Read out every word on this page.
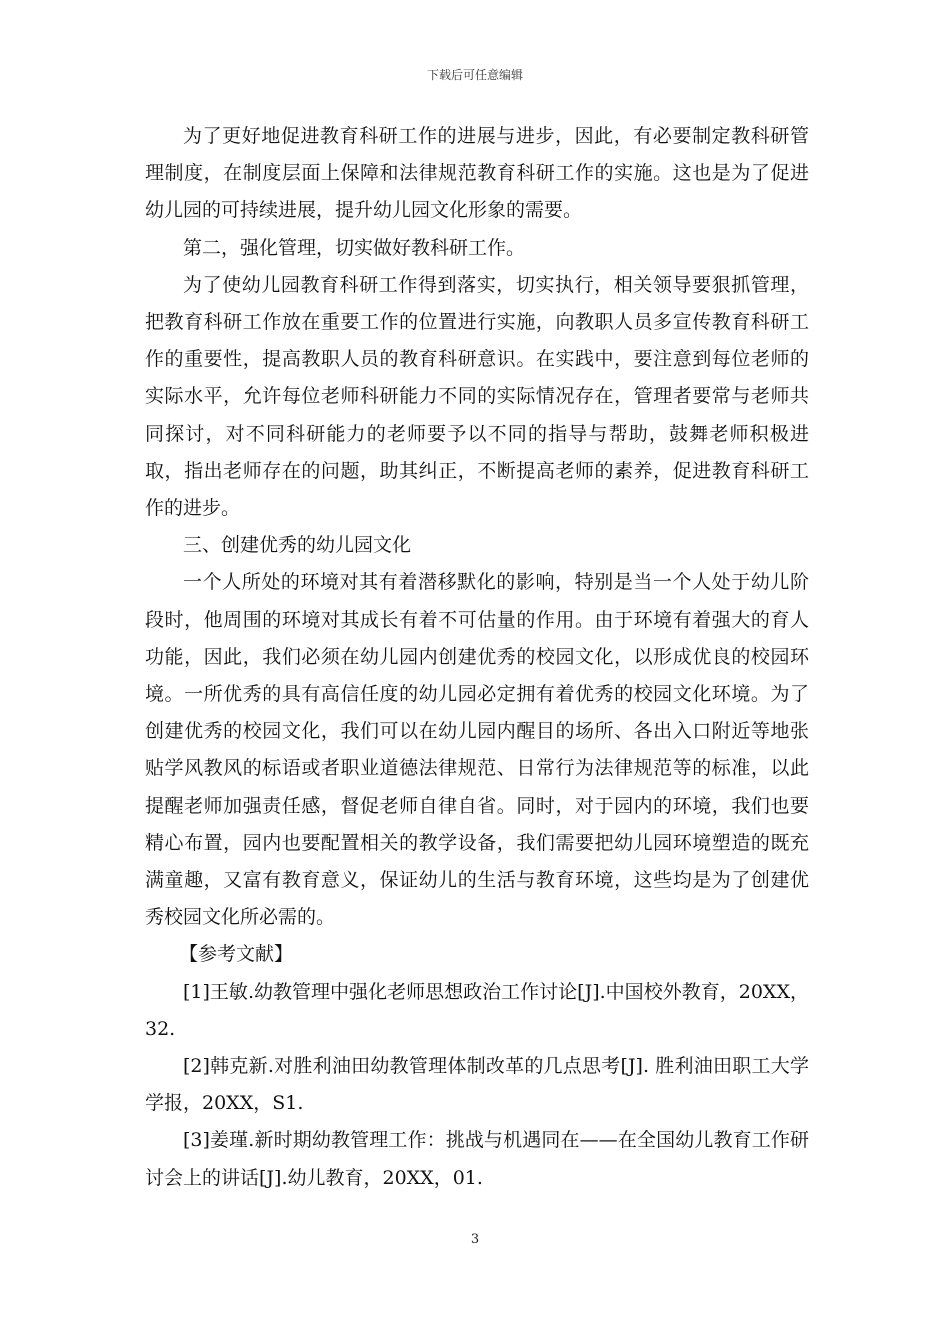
下载后可任意编辑

为了更好地促进教育科研工作的进展与进步，因此，有必要制定教科研管理制度，在制度层面上保障和法律规范教育科研工作的实施。这也是为了促进幼儿园的可持续进展，提升幼儿园文化形象的需要。

第二，强化管理，切实做好教科研工作。

为了使幼儿园教育科研工作得到落实，切实执行，相关领导要狠抓管理，把教育科研工作放在重要工作的位置进行实施，向教职人员多宣传教育科研工作的重要性，提高教职人员的教育科研意识。在实践中，要注意到每位老师的实际水平，允许每位老师科研能力不同的实际情况存在，管理者要常与老师共同探讨，对不同科研能力的老师要予以不同的指导与帮助，鼓舞老师积极进取，指出老师存在的问题，助其纠正，不断提高老师的素养，促进教育科研工作的进步。

三、创建优秀的幼儿园文化

一个人所处的环境对其有着潜移默化的影响，特别是当一个人处于幼儿阶段时，他周围的环境对其成长有着不可估量的作用。由于环境有着强大的育人功能，因此，我们必须在幼儿园内创建优秀的校园文化，以形成优良的校园环境。一所优秀的具有高信任度的幼儿园必定拥有着优秀的校园文化环境。为了创建优秀的校园文化，我们可以在幼儿园内醒目的场所、各出入口附近等地张贴学风教风的标语或者职业道德法律规范、日常行为法律规范等的标准，以此提醒老师加强责任感，督促老师自律自省。同时，对于园内的环境，我们也要精心布置，园内也要配置相关的教学设备，我们需要把幼儿园环境塑造的既充满童趣，又富有教育意义，保证幼儿的生活与教育环境，这些均是为了创建优秀校园文化所必需的。

【参考文献】

[1]王敏.幼教管理中强化老师思想政治工作讨论[J].中国校外教育，20XX，32.

[2]韩克新.对胜利油田幼教管理体制改革的几点思考[J]. 胜利油田职工大学学报，20XX，S1.

[3]姜瑾.新时期幼教管理工作：挑战与机遇同在——在全国幼儿教育工作研讨会上的讲话[J].幼儿教育，20XX，01.

3
